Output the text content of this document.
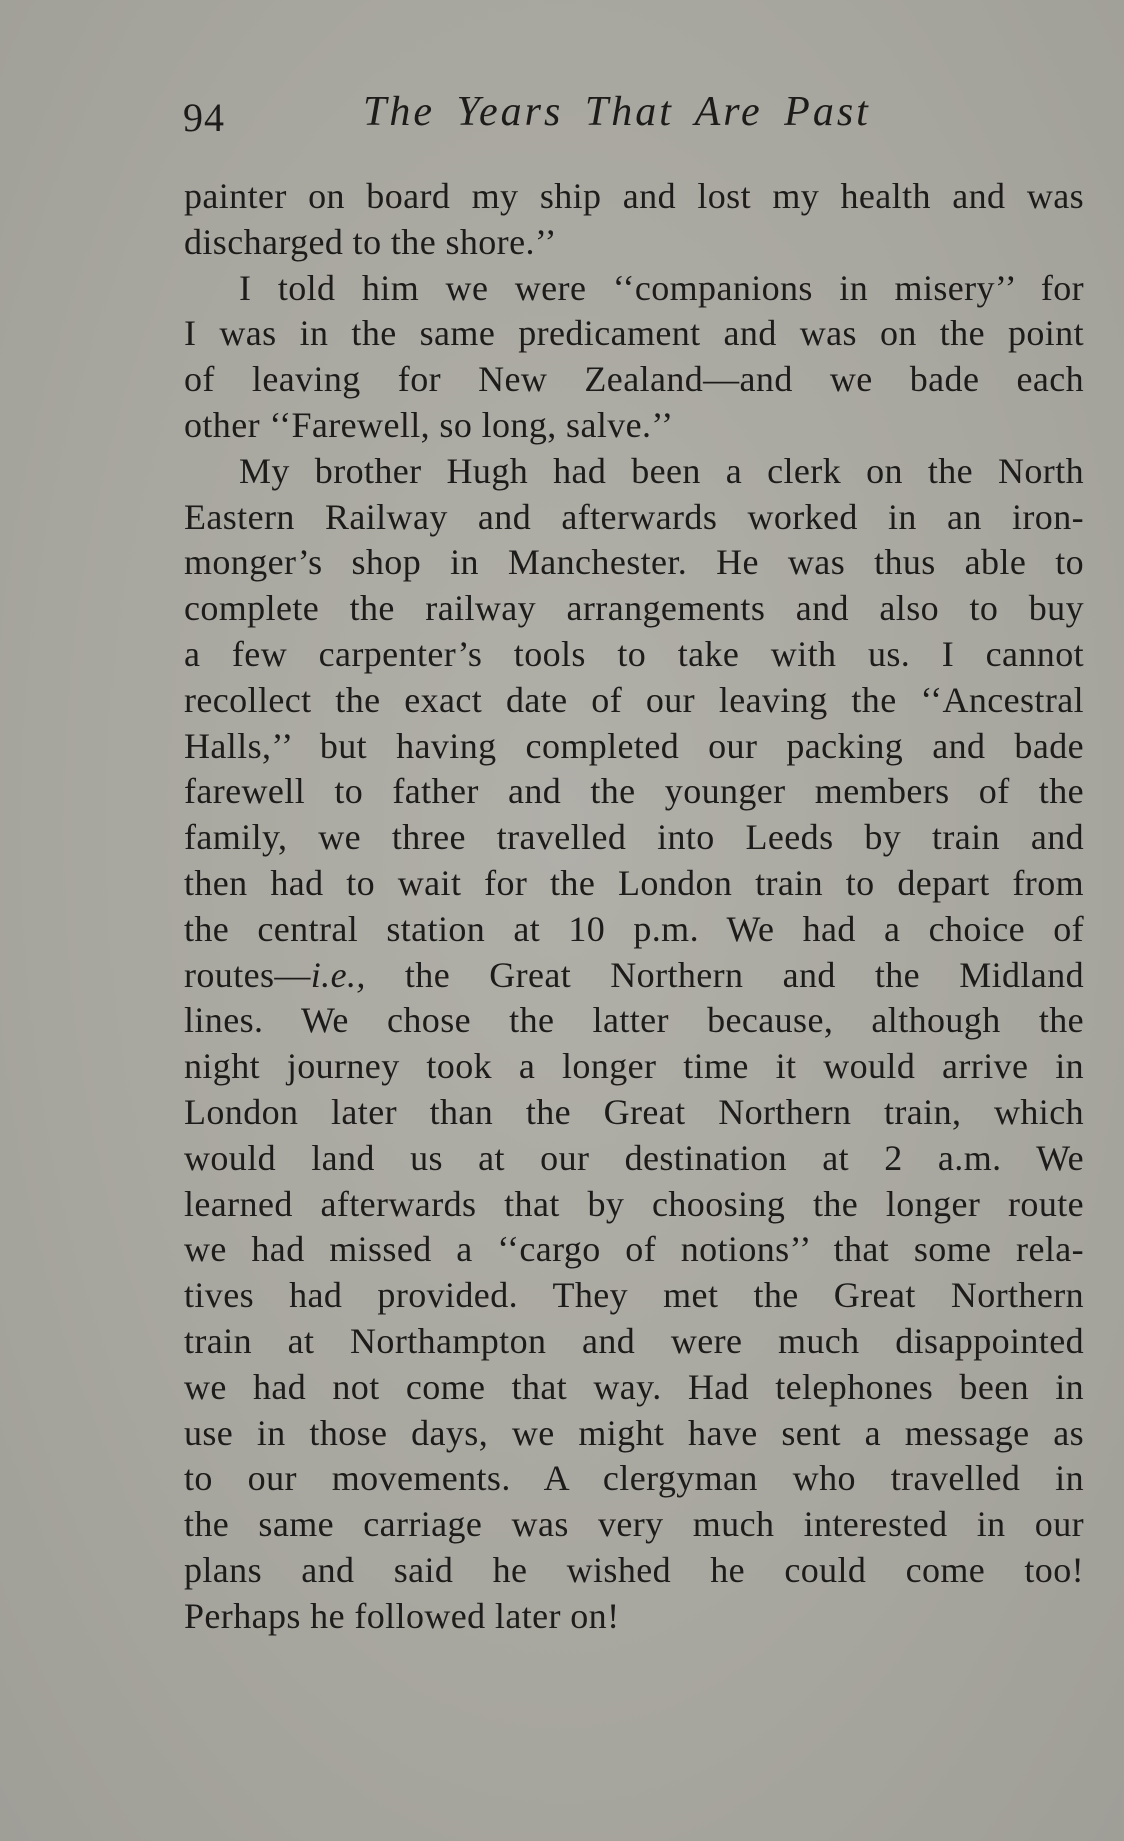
94	The Years That Are Past
painter on board my ship and lost my health and was
discharged to the shore.’’
I told him we were ‘‘companions in misery’’ for
I was in the same predicament and was on the point
of leaving for New Zealand—and we bade each
other ‘‘Farewell, so long, salve.’’
My brother Hugh had been a clerk on the North
Eastern Railway and afterwards worked in an iron-
monger’s shop in Manchester. He was thus able to
complete the railway arrangements and also to buy
a few carpenter’s tools to take with us. I cannot
recollect the exact date of our leaving the ‘‘Ancestral
Halls,’’ but having completed our packing and bade
farewell to father and the younger members of the
family, we three travelled into Leeds by train and
then had to wait for the London train to depart from
the central station at 10 p.m. We had a choice of
routes—i.e., the Great Northern and the Midland
lines. We chose the latter because, although the
night journey took a longer time it would arrive in
London later than the Great Northern train, which
would land us at our destination at 2 a.m. We
learned afterwards that by choosing the longer route
we had missed a ‘‘cargo of notions’’ that some rela-
tives had provided. They met the Great Northern
train at Northampton and were much disappointed
we had not come that way. Had telephones been in
use in those days, we might have sent a message as
to our movements. A clergyman who travelled in
the same carriage was very much interested in our
plans and said he wished he could come too!
Perhaps he followed later on!
